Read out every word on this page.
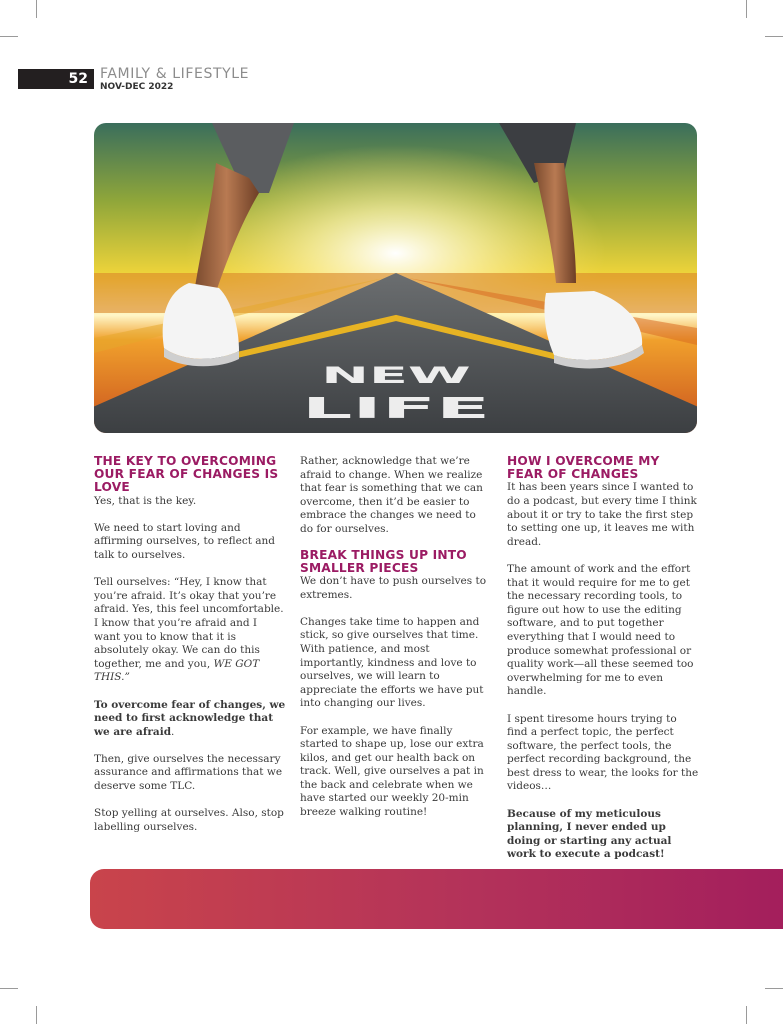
52 FAMILY & LIFESTYLE
NOV-DEC 2022
NEW
LIFE
THE KEY TO OVERCOMING OUR FEAR OF CHANGES IS LOVE

Yes, that is the key.

We need to start loving and affirming ourselves, to reflect and talk to ourselves.

Tell ourselves: “Hey, I know that you’re afraid. It’s okay that you’re afraid. Yes, this feel uncomfortable. I know that you’re afraid and I want you to know that it is absolutely okay. We can do this together, me and you, WE GOT THIS.”

To overcome fear of changes, we need to first acknowledge that we are afraid.

Then, give ourselves the necessary assurance and affirmations that we deserve some TLC.

Stop yelling at ourselves. Also, stop labelling ourselves.

Rather, acknowledge that we’re afraid to change. When we realize that fear is something that we can overcome, then it’d be easier to embrace the changes we need to do for ourselves.

BREAK THINGS UP INTO SMALLER PIECES

We don’t have to push ourselves to extremes.

Changes take time to happen and stick, so give ourselves that time. With patience, and most importantly, kindness and love to ourselves, we will learn to appreciate the efforts we have put into changing our lives.

For example, we have finally started to shape up, lose our extra kilos, and get our health back on track. Well, give ourselves a pat in the back and celebrate when we have started our weekly 20-min breeze walking routine!

HOW I OVERCOME MY FEAR OF CHANGES

It has been years since I wanted to do a podcast, but every time I think about it or try to take the first step to setting one up, it leaves me with dread.

The amount of work and the effort that it would require for me to get the necessary recording tools, to figure out how to use the editing software, and to put together everything that I would need to produce somewhat professional or quality work—all these seemed too overwhelming for me to even handle.

I spent tiresome hours trying to find a perfect topic, the perfect software, the perfect tools, the perfect recording background, the best dress to wear, the looks for the videos…

Because of my meticulous planning, I never ended up doing or starting any actual work to execute a podcast!
